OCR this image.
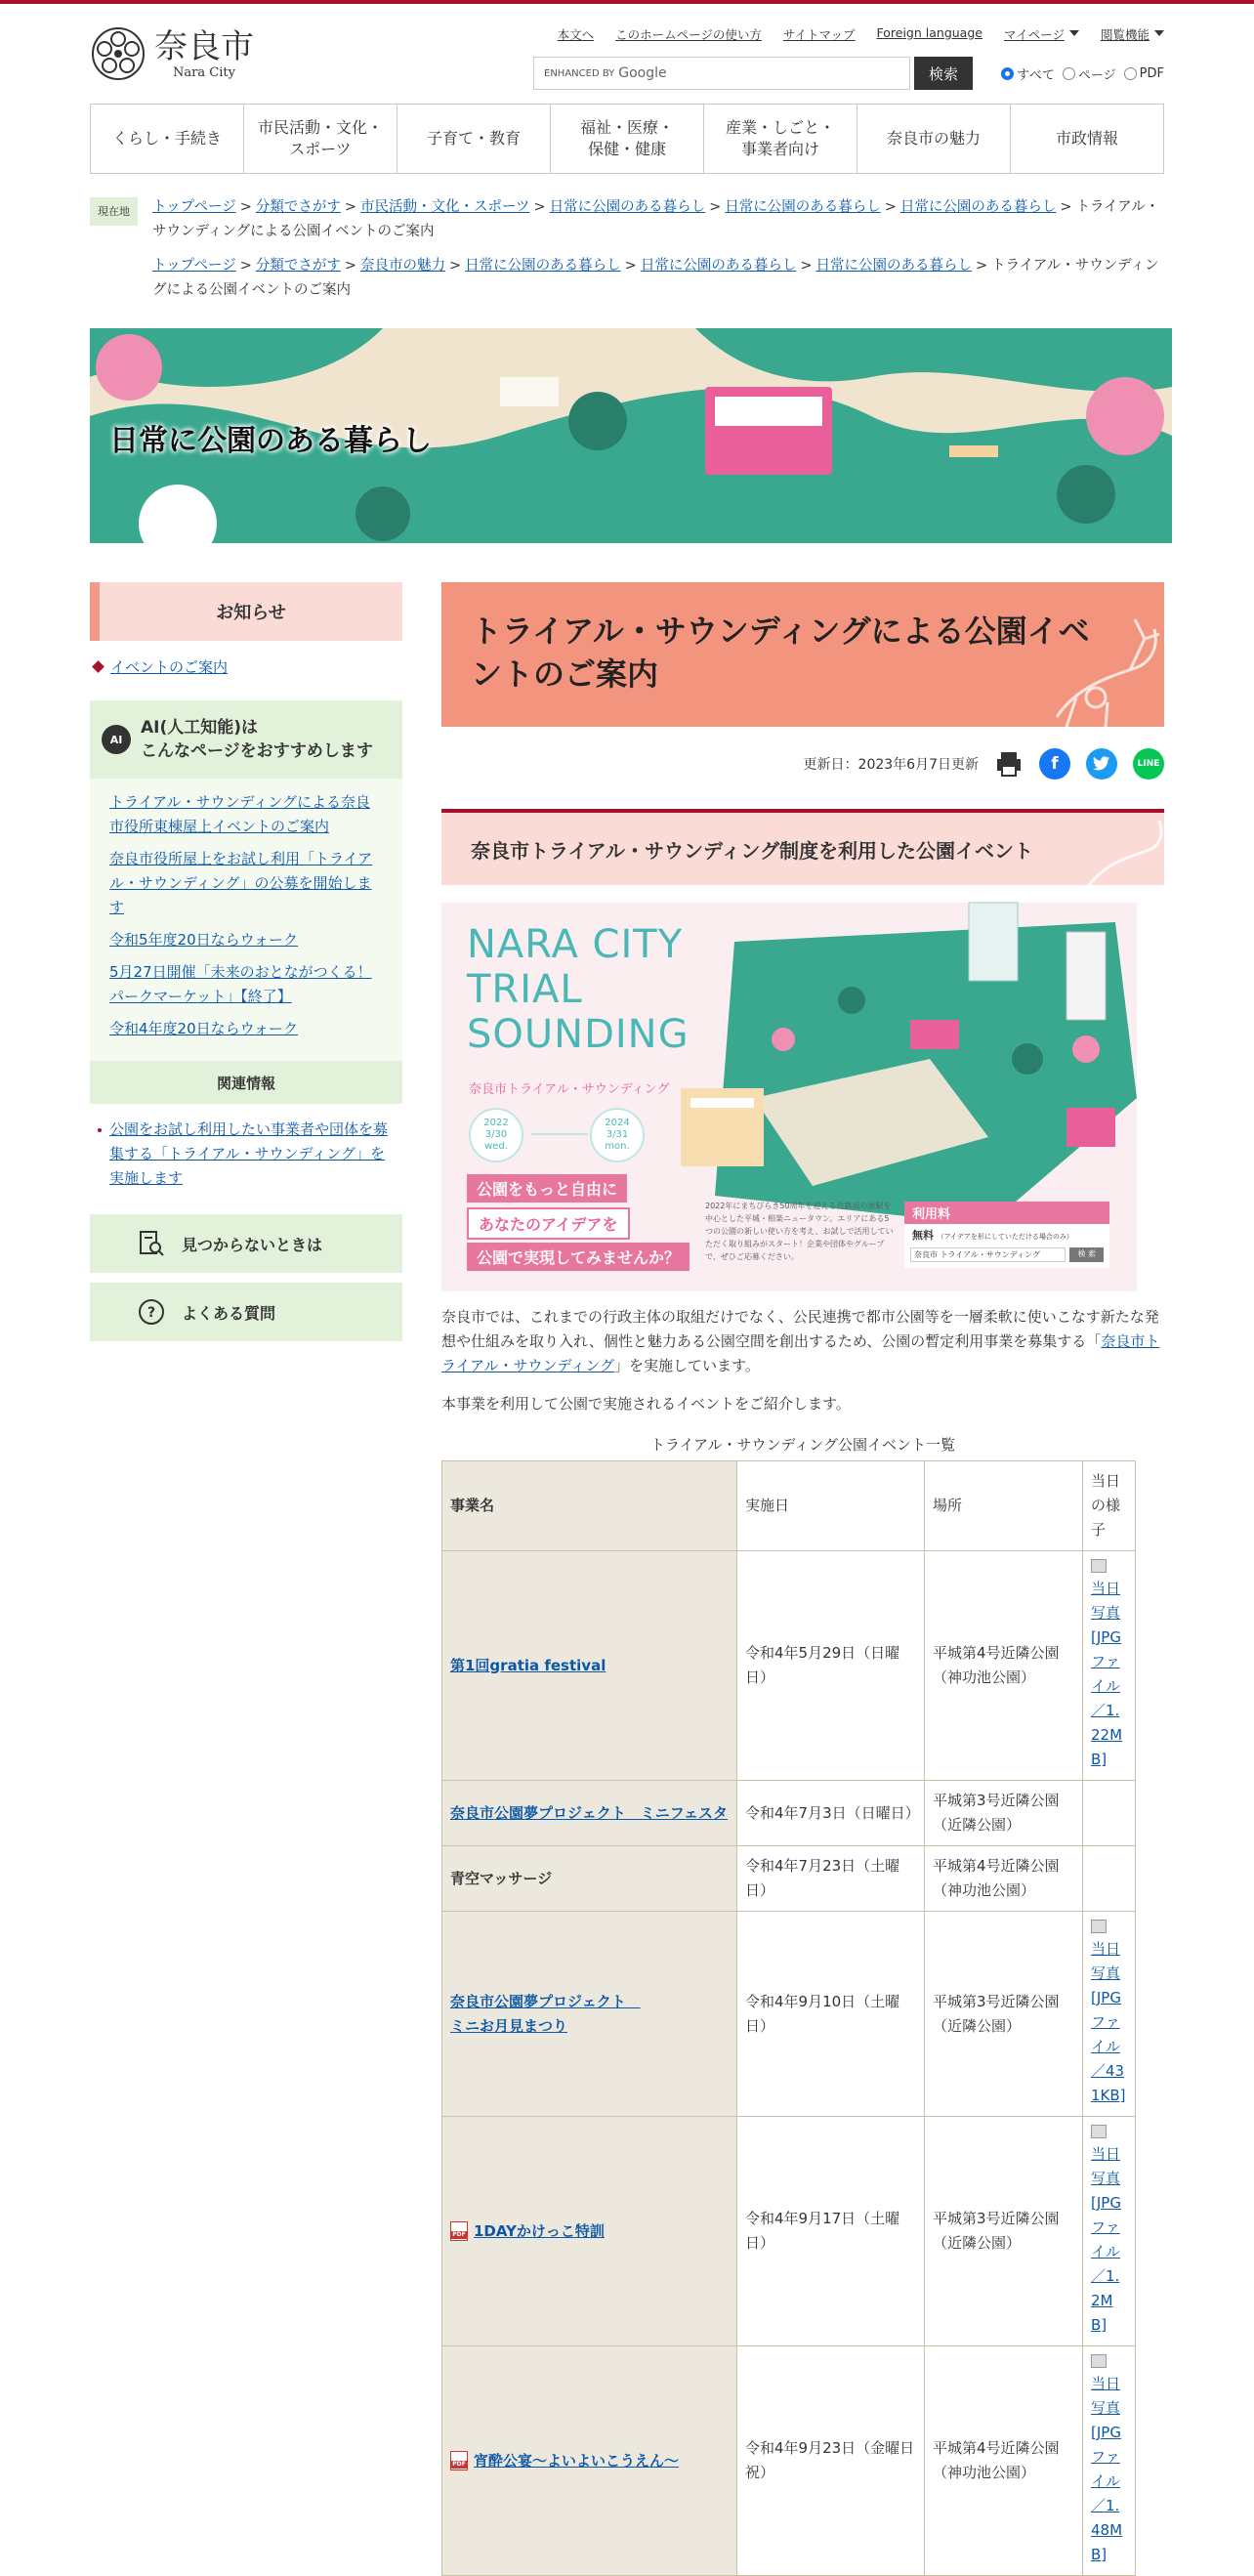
奈良市
Nara City
本文へ このホームページの使い方 サイトマップ Foreign language マイページ	閲覧機能
ENHANCED BY Google	検索	すべて ページ PDF
くらし・手続き
市民活動・文化・
スポーツ
子育て・教育
福祉・医療・
保健・健康
産業・しごと・
事業者向け
奈良市の魅力	市政情報
現在地	トップページ > 分類でさがす > 市民活動・文化・スポーツ > 日常に公園のある暮らし > 日常に公園のある暮らし > 日常に公園のある暮らし > トライアル・サウンディングによる公園イベントのご案内

トップページ > 分類でさがす > 奈良市の魅力 > 日常に公園のある暮らし > 日常に公園のある暮らし > 日常に公園のある暮らし > トライアル・サウンディングによる公園イベントのご案内

日常に公園のある暮らし
お知らせ
イベントのご案内
AI
AI(人工知能)は
こんなページをおすすめします
トライアル・サウンディングによる奈良市役所東棟屋上イベントのご案内
奈良市役所屋上をお試し利用「トライアル・サウンディング」の公募を開始します
令和5年度20日ならウォーク
5月27日開催「未来のおとながつくる！パークマーケット」【終了】
令和4年度20日ならウォーク
関連情報
公園をお試し利用したい事業者や団体を募集する「トライアル・サウンディング」を実施します
見つからないときは
? よくある質問
トライアル・サウンディングによる公園イベントのご案内
更新日：2023年6月7日更新	f	LINE
奈良市トライアル・サウンディング制度を利用した公園イベント
NARA CITY
TRIAL
SOUNDING
奈良市トライアル・サウンディング
2022
3/30
wed.
2024
3/31
mon.
公園をもっと自由に
あなたのアイデアを
公園で実現してみませんか？
2022年にまちびらき50周年を迎える近鉄高の原駅を中心とした平城・相楽ニュータウン。エリアにある5つの公園の新しい使い方を考え、お試しで活用していただく取り組みがスタート！企業や団体やグループで、ぜひご応募ください。
利用料
無料 （アイデアを形にしていただける場合のみ）
奈良市 トライアル・サウンディング	検 索

奈良市では、これまでの行政主体の取組だけでなく、公民連携で都市公園等を一層柔軟に使いこなす新たな発想や仕組みを取り入れ、個性と魅力ある公園空間を創出するため、公園の暫定利用事業を募集する「奈良市トライアル・サウンディング」を実施しています。

本事業を利用して公園で実施されるイベントをご紹介します。

トライアル・サウンディング公園イベント一覧
事業名	実施日	場所	当日の様子
第1回gratia festival	令和4年5月29日（日曜日）	平城第4号近隣公園（神功池公園）	当日写真[JPGファイル／1.22MB]
奈良市公園夢プロジェクト　ミニフェスタ	令和4年7月3日（日曜日）	平城第3号近隣公園（近隣公園）	
青空マッサージ	令和4年7月23日（土曜日）	平城第4号近隣公園（神功池公園）	
奈良市公園夢プロジェクト　
ミニお月見まつり	令和4年9月10日（土曜日）	平城第3号近隣公園（近隣公園）	当日写真[JPGファイル／431KB]
PDF1DAYかけっこ特訓	令和4年9月17日（土曜日）	平城第3号近隣公園（近隣公園）	当日写真[JPGファイル／1.2MB]
PDF宵酔公宴～よいよいこうえん～	令和4年9月23日（金曜日祝）	平城第4号近隣公園（神功池公園）	当日写真[JPGファイル／1.48MB]
